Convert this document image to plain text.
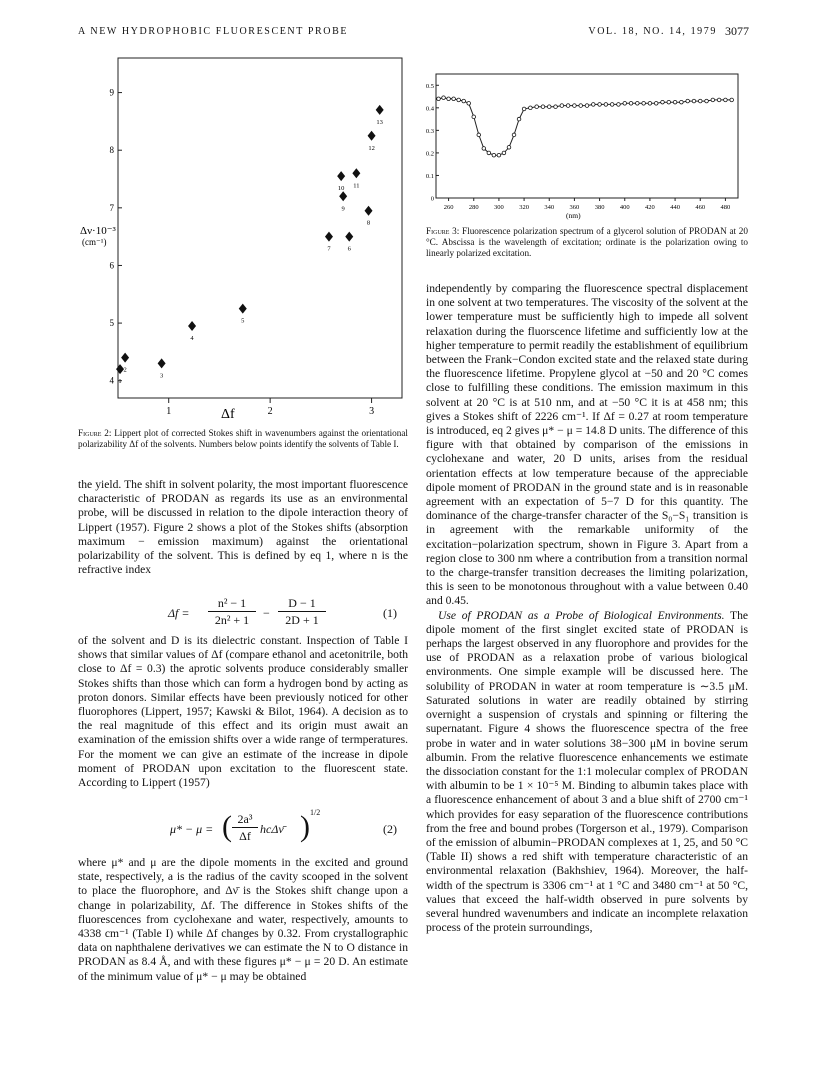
A NEW HYDROPHOBIC FLUORESCENT PROBE	VOL. 18, NO. 14, 1979 3077
4
5
6
7
8
9
1	2	3
1
2
3
4
5
6
7
8
9
10 11
12
13
Δν·10⁻³
(cm⁻¹)
Δf
Figure 2: Lippert plot of corrected Stokes shift in wavenumbers against the orientational polarizability Δf of the solvents. Numbers below points identify the solvents of Table I.
0
0.1
0.2
0.3
0.4
0.5
260 280 300 320 340 360 380 400 420 440 460 480
(nm)
Figure 3: Fluorescence polarization spectrum of a glycerol solution of PRODAN at 20 °C. Abscissa is the wavelength of excitation; ordinate is the polarization owing to linearly polarized excitation.

the yield. The shift in solvent polarity, the most important fluorescence characteristic of PRODAN as regards its use as an environmental probe, will be discussed in relation to the dipole interaction theory of Lippert (1957). Figure 2 shows a plot of the Stokes shifts (absorption maximum − emission maximum) against the orientational polarizability of the solvent. This is defined by eq 1, where n is the refractive index

Δf =
n² − 1
2n² + 1	−
D − 1
2D + 1	(1)

of the solvent and D is its dielectric constant. Inspection of Table I shows that similar values of Δf (compare ethanol and acetonitrile, both close to Δf = 0.3) the aprotic solvents produce considerably smaller Stokes shifts than those which can form a hydrogen bond by acting as proton donors. Similar effects have been previously noticed for other fluorophores (Lippert, 1957; Kawski & Bilot, 1964). A decision as to the real magnitude of this effect and its origin must await an examination of the emission shifts over a wide range of termperatures. For the moment we can give an estimate of the increase in dipole moment of PRODAN upon excitation to the fluorescent state. According to Lippert (1957)

μ* − μ = ( 2a³
Δf hcΔν̄ ) 1/2
(2)

where μ* and μ are the dipole moments in the excited and ground state, respectively, a is the radius of the cavity scooped in the solvent to place the fluorophore, and Δν̄ is the Stokes shift change upon a change in polarizability, Δf. The difference in Stokes shifts of the fluorescences from cyclohexane and water, respectively, amounts to 4338 cm⁻¹ (Table I) while Δf changes by 0.32. From crystallographic data on naphthalene derivatives we can estimate the N to O distance in PRODAN as 8.4 Å, and with these figures μ* − μ = 20 D. An estimate of the minimum value of μ* − μ may be obtained

independently by comparing the fluorescence spectral displacement in one solvent at two temperatures. The viscosity of the solvent at the lower temperature must be sufficiently high to impede all solvent relaxation during the fluorscence lifetime and sufficiently low at the higher temperature to permit readily the establishment of equilibrium between the Frank−Condon excited state and the relaxed state during the fluorescence lifetime. Propylene glycol at −50 and 20 °C comes close to fulfilling these conditions. The emission maximum in this solvent at 20 °C is at 510 nm, and at −50 °C it is at 458 nm; this gives a Stokes shift of 2226 cm⁻¹. If Δf = 0.27 at room temperature is introduced, eq 2 gives μ* − μ = 14.8 D units. The difference of this figure with that obtained by comparison of the emissions in cyclohexane and water, 20 D units, arises from the residual orientation effects at low temperature because of the appreciable dipole moment of PRODAN in the ground state and is in reasonable agreement with an expectation of 5−7 D for this quantity. The dominance of the charge-transfer character of the S₀−S₁ transition is in agreement with the remarkable uniformity of the excitation−polarization spectrum, shown in Figure 3. Apart from a region close to 300 nm where a contribution from a transition normal to the charge-transfer transition decreases the limiting polarization, this is seen to be monotonous throughout with a value between 0.40 and 0.45.

Use of PRODAN as a Probe of Biological Environments. The dipole moment of the first singlet excited state of PRODAN is perhaps the largest observed in any fluorophore and provides for the use of PRODAN as a relaxation probe of various biological environments. One simple example will be discussed here. The solubility of PRODAN in water at room temperature is ∼3.5 μM. Saturated solutions in water are readily obtained by stirring overnight a suspension of crystals and spinning or filtering the supernatant. Figure 4 shows the fluorescence spectra of the free probe in water and in water solutions 38−300 μM in bovine serum albumin. From the relative fluorescence enhancements we estimate the dissociation constant for the 1:1 molecular complex of PRODAN with albumin to be 1 × 10⁻⁵ M. Binding to albumin takes place with a fluorescence enhancement of about 3 and a blue shift of 2700 cm⁻¹ which provides for easy separation of the fluorescence contributions from the free and bound probes (Torgerson et al., 1979). Comparison of the emission of albumin−PRODAN complexes at 1, 25, and 50 °C (Table II) shows a red shift with temperature characteristic of an environmental relaxation (Bakhshiev, 1964). Moreover, the half-width of the spectrum is 3306 cm⁻¹ at 1 °C and 3480 cm⁻¹ at 50 °C, values that exceed the half-width observed in pure solvents by several hundred wavenumbers and indicate an incomplete relaxation process of the protein surroundings,
